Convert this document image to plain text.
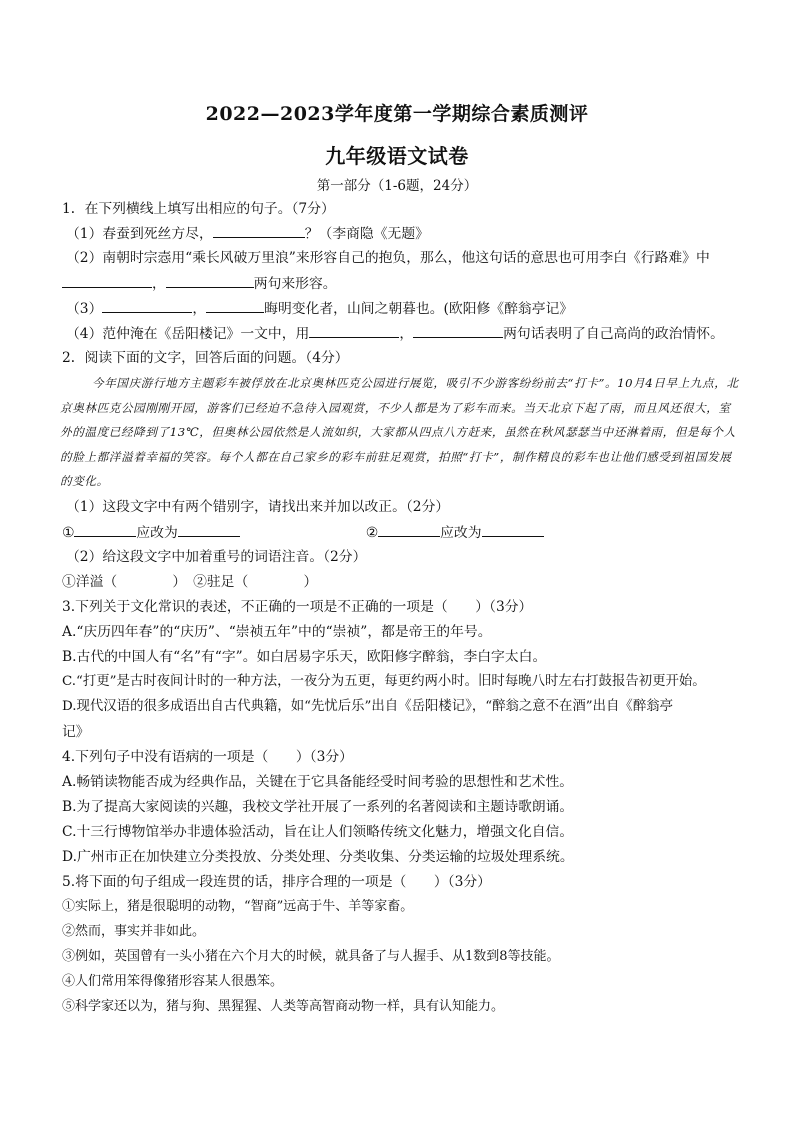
2022—2023学年度第一学期综合素质测评
九年级语文试卷
第一部分（1-6题，24分）
1．在下列横线上填写出相应的句子。（7分）
（1）春蚕到死丝方尽，	？（李商隐《无题》
（2）南朝时宗悫用“乘长风破万里浪”来形容自己的抱负，那么，他这句话的意思也可用李白《行路难》中
，	两句来形容。
（3）	，	晦明变化者，山间之朝暮也。(欧阳修《醉翁亭记》
（4）范仲淹在《岳阳楼记》一文中，用	，	两句话表明了自己高尚的政治情怀。
2．阅读下面的文字，回答后面的问题。（4分）

今年国庆游行地方主题彩车被俘放在北京奥林匹克公园进行展览，吸引不少游客纷纷前去“打卡”。10月4日早上九点，北京奥林匹克公园刚刚开园，游客们已经迫不急待入园观赏，不少人都是为了彩车而来。当天北京下起了雨，而且风还很大，室外的温度已经降到了13℃，但奥林公园依然是人流如织，大家都从四点八方赶来，虽然在秋风瑟瑟当中还淋着雨，但是每个人的脸上都洋溢着幸福的笑容。每个人都在自己家乡的彩车前驻足观赏，拍照“打卡”，制作精良的彩车也让他们感受到祖国发展的变化。

（1）这段文字中有两个错别字，请找出来并加以改正。（2分）
①	应改为	②	应改为
（2）给这段文字中加着重号的词语注音。（2分）
①洋溢（　　　　）　②驻足（　　　　）
3.下列关于文化常识的表述，不正确的一项是不正确的一项是（　　）（3分）
A.“庆历四年春”的“庆历”、“崇祯五年”中的“崇祯”，都是帝王的年号。
B.古代的中国人有“名”有“字”。如白居易字乐天，欧阳修字醉翁，李白字太白。
C.“打更”是古时夜间计时的一种方法，一夜分为五更，每更约两小时。旧时每晚八时左右打鼓报告初更开始。
D.现代汉语的很多成语出自古代典籍，如“先忧后乐”出自《岳阳楼记》，“醉翁之意不在酒”出自《醉翁亭
记》
4.下列句子中没有语病的一项是（　　）（3分）
A.畅销读物能否成为经典作品，关键在于它具备能经受时间考验的思想性和艺术性。
B.为了提高大家阅读的兴趣，我校文学社开展了一系列的名著阅读和主题诗歌朗诵。
C.十三行博物馆举办非遗体验活动，旨在让人们领略传统文化魅力，增强文化自信。
D.广州市正在加快建立分类投放、分类处理、分类收集、分类运输的垃圾处理系统。
5.将下面的句子组成一段连贯的话，排序合理的一项是（　　）（3分）
①实际上，猪是很聪明的动物，“智商”远高于牛、羊等家畜。
②然而，事实并非如此。
③例如，英国曾有一头小猪在六个月大的时候，就具备了与人握手、从1数到8等技能。
④人们常用笨得像猪形容某人很愚笨。
⑤科学家还以为，猪与狗、黑猩猩、人类等高智商动物一样，具有认知能力。
